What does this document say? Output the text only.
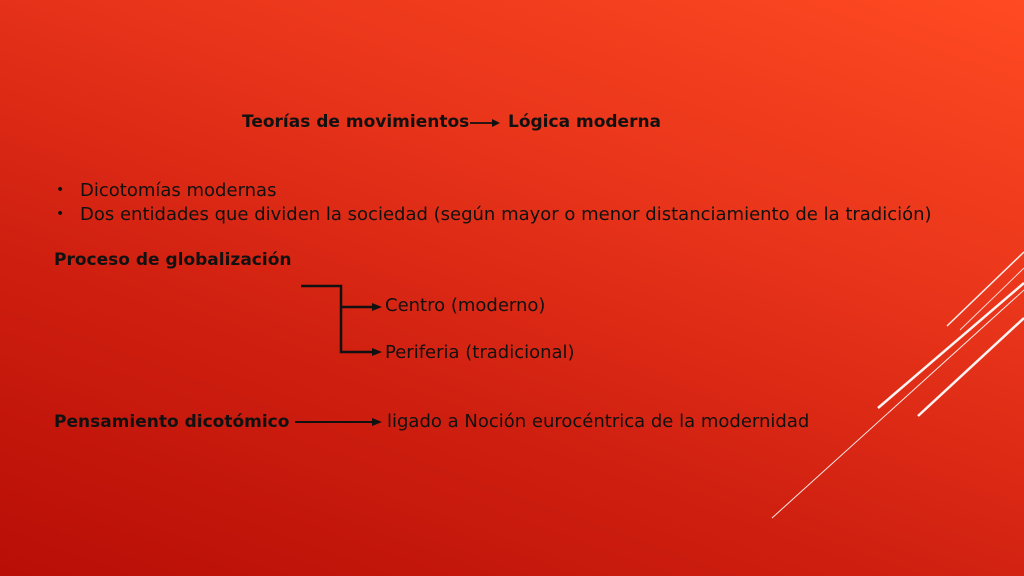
Teorías de movimientos Lógica moderna
• Dicotomías modernas
• Dos entidades que dividen la sociedad (según mayor o menor distanciamiento de la tradición)
Proceso de globalización
Centro (moderno)
Periferia (tradicional)
Pensamiento dicotómico	ligado a Noción eurocéntrica de la modernidad
